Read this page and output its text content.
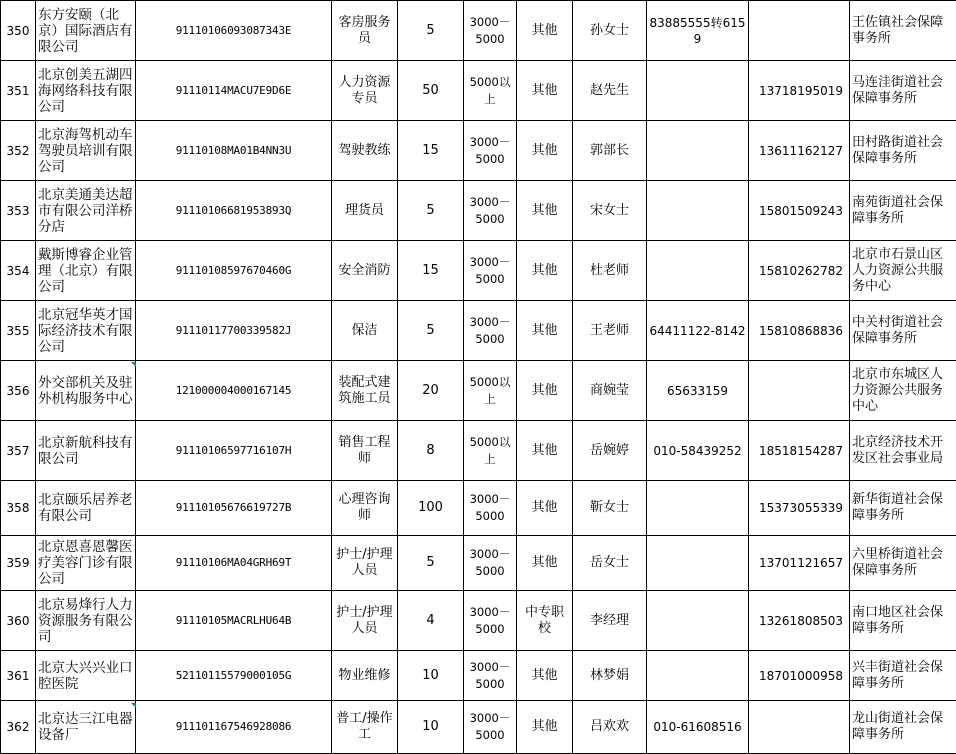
350	东方安颐（北京）国际酒店有限公司	91110106093087343E	客房服务员	5	3000－5000	其他	孙女士	83885555转6159		王佐镇社会保障事务所
351	北京创美五湖四海网络科技有限公司	91110114MACU7E9D6E	人力资源专员	50	5000以上	其他	赵先生		13718195019	马连洼街道社会保障事务所
352	北京海驾机动车驾驶员培训有限公司	91110108MA01B4NN3U	驾驶教练	15	3000－5000	其他	郭部长		13611162127	田村路街道社会保障事务所
353	北京美通美达超市有限公司洋桥分店	91110106681953893Q	理货员	5	3000－5000	其他	宋女士		15801509243	南苑街道社会保障事务所
354	戴斯博睿企业管理（北京）有限公司	91110108597670460G	安全消防	15	3000－5000	其他	杜老师		15810262782	北京市石景山区人力资源公共服务中心
355	北京冠华英才国际经济技术有限公司	91110117700339582J	保洁	5	3000－5000	其他	王老师	64411122-8142	15810868836	中关村街道社会保障事务所
356	外交部机关及驻外机构服务中心	121000004000167145	装配式建筑施工员	20	5000以上	其他	商婉莹	65633159		北京市东城区人力资源公共服务中心
357	北京新航科技有限公司	91110106597716107H	销售工程师	8	5000以上	其他	岳婉婷	010-58439252	18518154287	北京经济技术开发区社会事业局
358	北京颐乐居养老有限公司	91110105676619727B	心理咨询师	100	3000－5000	其他	靳女士		15373055339	新华街道社会保障事务所
359	北京恩喜恩馨医疗美容门诊有限公司	91110106MA04GRH69T	护士/护理人员	5	3000－5000	其他	岳女士		13701121657	六里桥街道社会保障事务所
360	北京易烽行人力资源服务有限公司	91110105MACRLHU64B	护士/护理人员	4	3000－5000	中专职校	李经理		13261808503	南口地区社会保障事务所
361	北京大兴兴业口腔医院	52110115579000105G	物业维修	10	3000－5000	其他	林梦娟		18701000958	兴丰街道社会保障事务所
362	北京达三江电器设备厂	91110116754692808​6	普工/操作工	10	3000－5000	其他	吕欢欢	010-61608516		龙山街道社会保障事务所
